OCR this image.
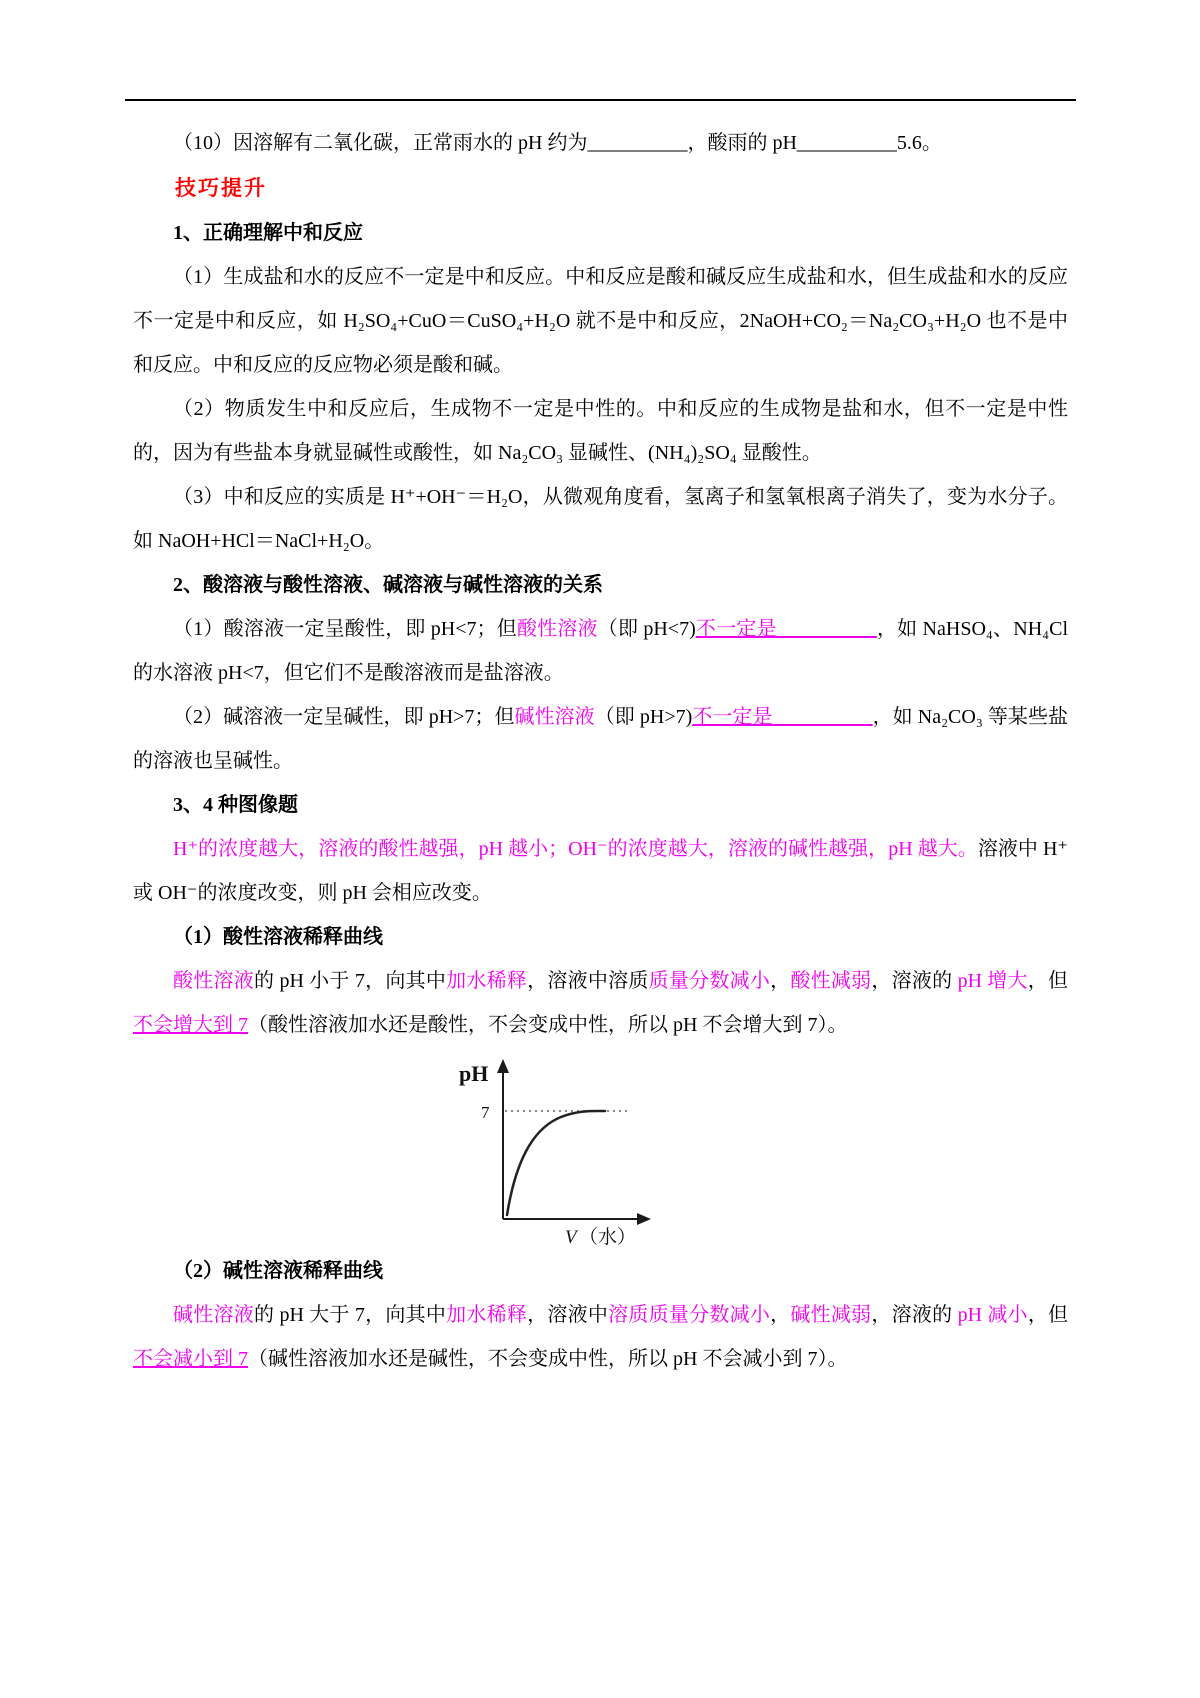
（10）因溶解有二氧化碳，正常雨水的 pH 约为__________，酸雨的 pH__________5.6。

技巧提升
1、正确理解中和反应

（1）生成盐和水的反应不一定是中和反应。中和反应是酸和碱反应生成盐和水，但生成盐和水的反应不一定是中和反应，如 H₂SO₄+CuO＝CuSO₄+H₂O 就不是中和反应，2NaOH+CO₂＝Na₂CO₃+H₂O 也不是中和反应。中和反应的反应物必须是酸和碱。

（2）物质发生中和反应后，生成物不一定是中性的。中和反应的生成物是盐和水，但不一定是中性的，因为有些盐本身就显碱性或酸性，如 Na₂CO₃ 显碱性、(NH₄)₂SO₄ 显酸性。

（3）中和反应的实质是 H⁺+OH⁻＝H₂O，从微观角度看，氢离子和氢氧根离子消失了，变为水分子。如 NaOH+HCl＝NaCl+H₂O。

2、酸溶液与酸性溶液、碱溶液与碱性溶液的关系

（1）酸溶液一定呈酸性，即 pH<7；但酸性溶液（即 pH<7)不一定是__________，如 NaHSO₄、NH₄Cl 的水溶液 pH<7，但它们不是酸溶液而是盐溶液。

（2）碱溶液一定呈碱性，即 pH>7；但碱性溶液（即 pH>7)不一定是__________，如 Na₂CO₃ 等某些盐的溶液也呈碱性。

3、4 种图像题

H⁺的浓度越大，溶液的酸性越强，pH 越小；OH⁻的浓度越大，溶液的碱性越强，pH 越大。溶液中 H⁺或 OH⁻的浓度改变，则 pH 会相应改变。

（1）酸性溶液稀释曲线

酸性溶液的 pH 小于 7，向其中加水稀释，溶液中溶质质量分数减小，酸性减弱，溶液的 pH 增大，但不会增大到 7（酸性溶液加水还是酸性，不会变成中性，所以 pH 不会增大到 7）。

pH
7
V （水）
（2）碱性溶液稀释曲线

碱性溶液的 pH 大于 7，向其中加水稀释，溶液中溶质质量分数减小，碱性减弱，溶液的 pH 减小，但不会减小到 7（碱性溶液加水还是碱性，不会变成中性，所以 pH 不会减小到 7）。
